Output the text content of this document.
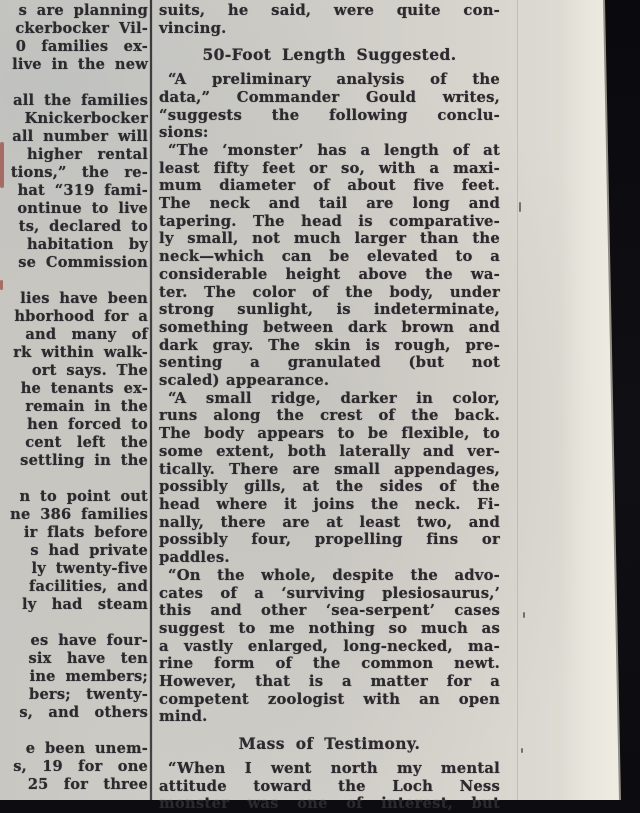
s are planning
ckerbocker Vil-
0 families ex-
live in the new
all the families
Knickerbocker
all number will
higher rental
tions,” the re-
hat “319 fami-
ontinue to live
ts, declared to
habitation by
se Commission
lies have been
hborhood for a
and many of
rk within walk-
ort says. The
he tenants ex-
remain in the
hen forced to
cent left the
settling in the
n to point out
ne 386 families
ir flats before
s had private
ly twenty-five
facilities, and
ly had steam
es have four-
six have ten
ine members;
bers; twenty-
s, and others
e been unem-
s, 19 for one
25 for three
suits, he said, were quite con-
vincing.
50-Foot Length Suggested.
“A preliminary analysis of the
data,” Commander Gould writes,
“suggests the following conclu-
sions:
“The ‘monster’ has a length of at
least fifty feet or so, with a maxi-
mum diameter of about five feet.
The neck and tail are long and
tapering. The head is comparative-
ly small, not much larger than the
neck—which can be elevated to a
considerable height above the wa-
ter. The color of the body, under
strong sunlight, is indeterminate,
something between dark brown and
dark gray. The skin is rough, pre-
senting a granulated (but not
scaled) appearance.
“A small ridge, darker in color,
runs along the crest of the back.
The body appears to be flexible, to
some extent, both laterally and ver-
tically. There are small appendages,
possibly gills, at the sides of the
head where it joins the neck. Fi-
nally, there are at least two, and
possibly four, propelling fins or
paddles.
“On the whole, despite the advo-
cates of a ‘surviving plesiosaurus,’
this and other ‘sea-serpent’ cases
suggest to me nothing so much as
a vastly enlarged, long-necked, ma-
rine form of the common newt.
However, that is a matter for a
competent zoologist with an open
mind.
Mass of Testimony.
“When I went north my mental
attitude toward the Loch Ness
monster was one of interest, but
